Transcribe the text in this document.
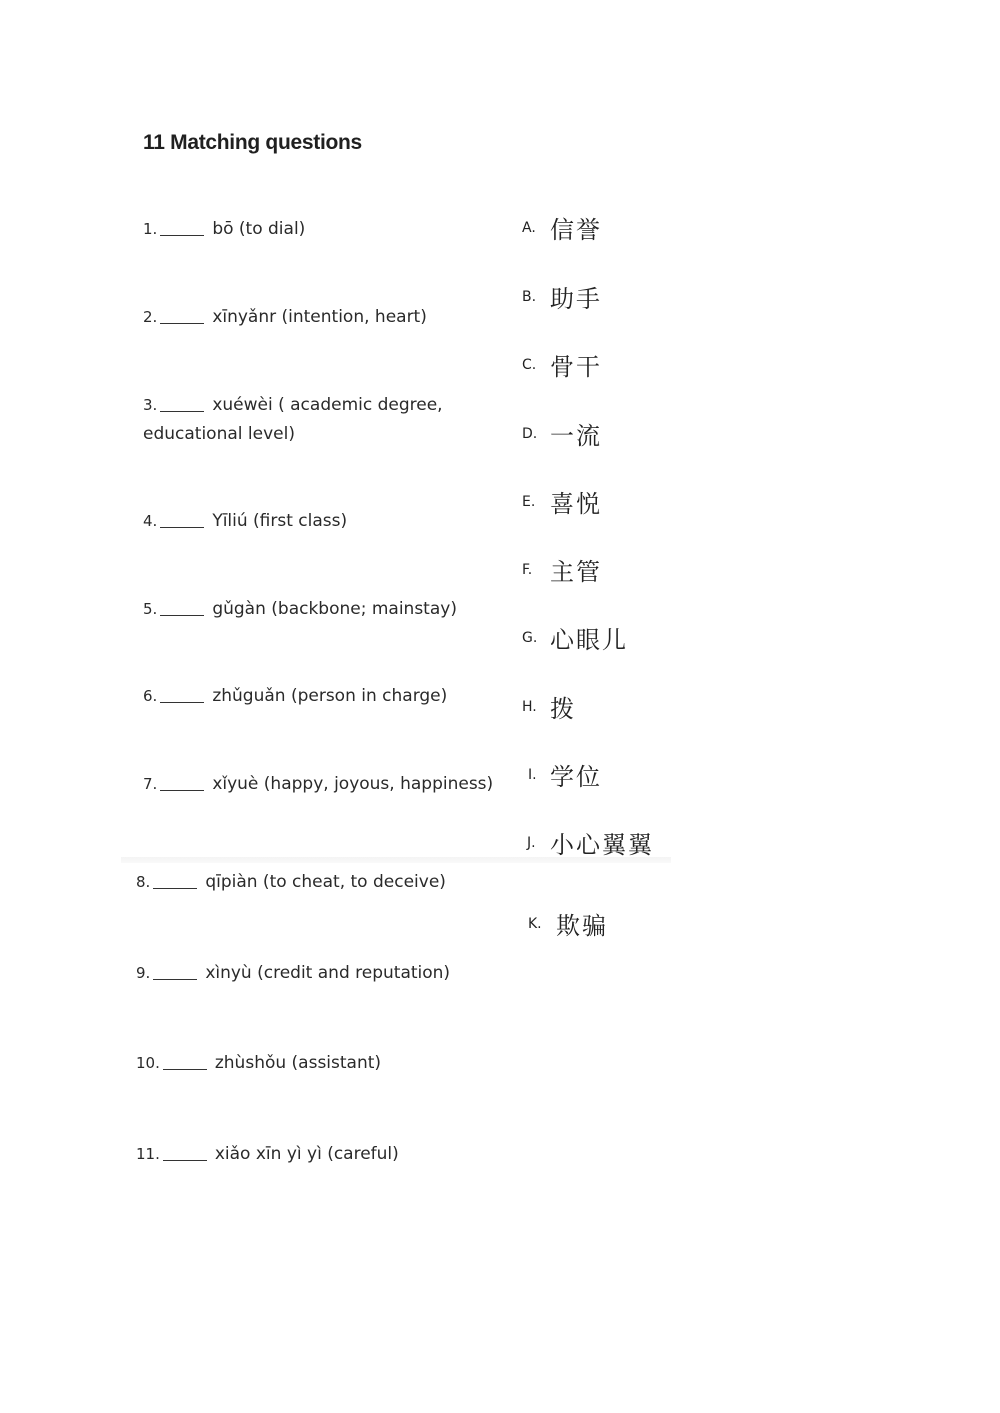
11 Matching questions
1.	bō (to dial)
2.	xīnyǎnr (intention, heart)
3.	xuéwèi ( academic degree, educational level)
4.	Yīliú (first class)
5.	gǔgàn (backbone; mainstay)
6.	zhǔguǎn (person in charge)
7.	xǐyuè (happy, joyous, happiness)
8.	qīpiàn (to cheat, to deceive)
9.	xìnyù (credit and reputation)
10.	zhùshǒu (assistant)
11.	xiǎo xīn yì yì (careful)
A. 信誉
B. 助手
C. 骨干
D. 一流
E. 喜悦
F. 主管
G. 心眼儿
H. 拨
I. 学位
J. 小心翼翼
K. 欺骗
